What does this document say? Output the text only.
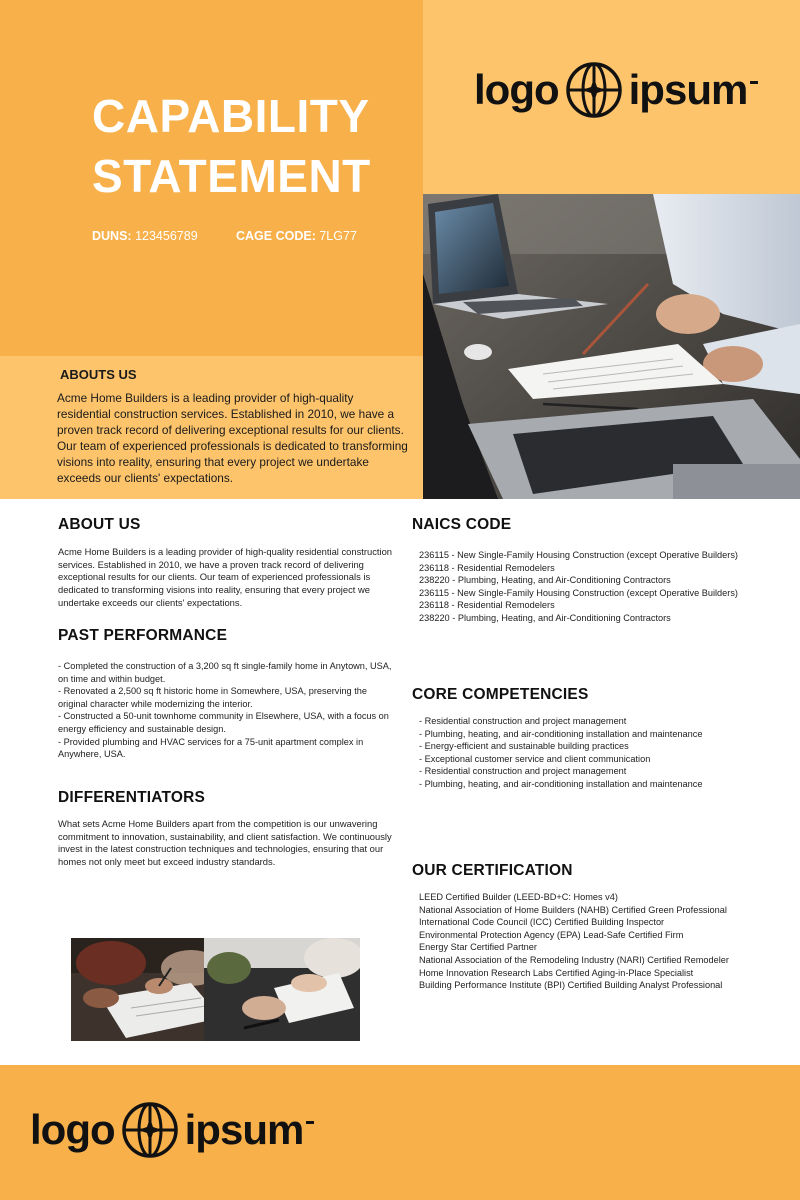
CAPABILITY
STATEMENT
DUNS: 123456789	CAGE CODE: 7LG77
logo ipsum
ABOUTS US
Acme Home Builders is a leading provider of high-quality residential construction services. Established in 2010, we have a proven track record of delivering exceptional results for our clients. Our team of experienced professionals is dedicated to transforming visions into reality, ensuring that every project we undertake exceeds our clients' expectations.
ABOUT US
Acme Home Builders is a leading provider of high-quality residential construction services. Established in 2010, we have a proven track record of delivering exceptional results for our clients. Our team of experienced professionals is dedicated to transforming visions into reality, ensuring that every project we undertake exceeds our clients' expectations.
PAST PERFORMANCE
- Completed the construction of a 3,200 sq ft single-family home in Anytown, USA, on time and within budget.
- Renovated a 2,500 sq ft historic home in Somewhere, USA, preserving the original character while modernizing the interior.
- Constructed a 50-unit townhome community in Elsewhere, USA, with a focus on energy efficiency and sustainable design.
- Provided plumbing and HVAC services for a 75-unit apartment complex in Anywhere, USA.
DIFFERENTIATORS
What sets Acme Home Builders apart from the competition is our unwavering commitment to innovation, sustainability, and client satisfaction. We continuously invest in the latest construction techniques and technologies, ensuring that our homes not only meet but exceed industry standards.
NAICS CODE
236115 - New Single-Family Housing Construction (except Operative Builders)
236118 - Residential Remodelers
238220 - Plumbing, Heating, and Air-Conditioning Contractors
236115 - New Single-Family Housing Construction (except Operative Builders)
236118 - Residential Remodelers
238220 - Plumbing, Heating, and Air-Conditioning Contractors
CORE COMPETENCIES
- Residential construction and project management
- Plumbing, heating, and air-conditioning installation and maintenance
- Energy-efficient and sustainable building practices
- Exceptional customer service and client communication
- Residential construction and project management
- Plumbing, heating, and air-conditioning installation and maintenance
OUR CERTIFICATION
LEED Certified Builder (LEED-BD+C: Homes v4)
National Association of Home Builders (NAHB) Certified Green Professional
International Code Council (ICC) Certified Building Inspector
Environmental Protection Agency (EPA) Lead-Safe Certified Firm
Energy Star Certified Partner
National Association of the Remodeling Industry (NARI) Certified Remodeler
Home Innovation Research Labs Certified Aging-in-Place Specialist
Building Performance Institute (BPI) Certified Building Analyst Professional
logo ipsum
